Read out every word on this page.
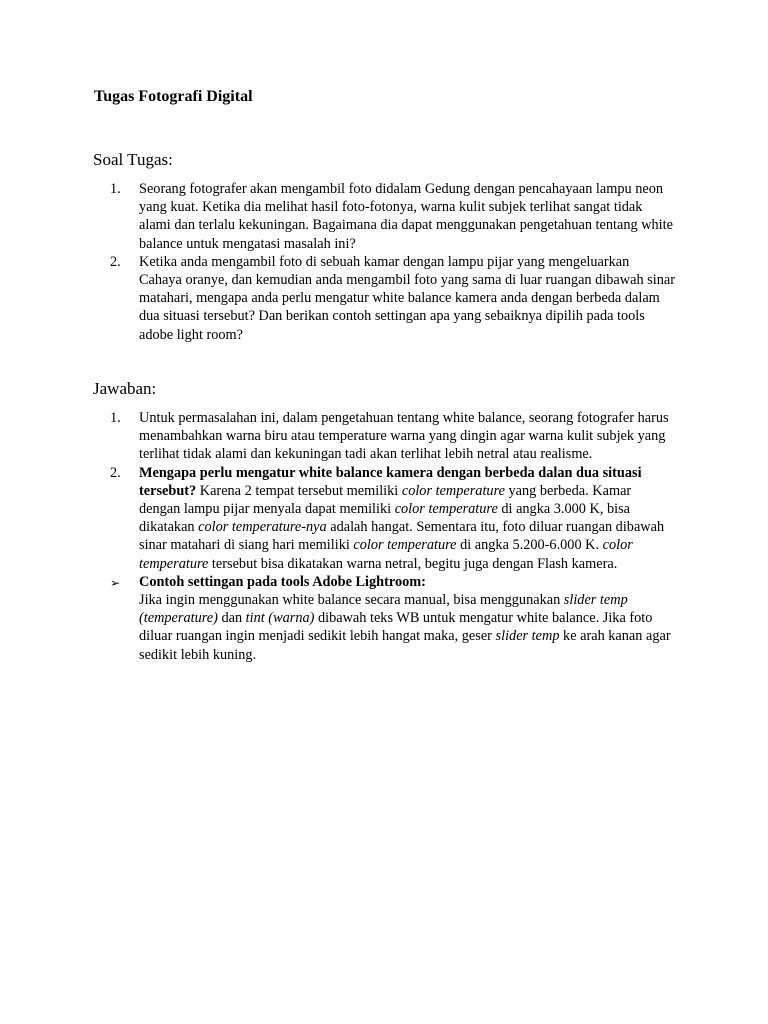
Tugas Fotografi Digital
Soal Tugas:
1.	Seorang fotografer akan mengambil foto didalam Gedung dengan pencahayaan lampu neon yang kuat. Ketika dia melihat hasil foto-fotonya, warna kulit subjek terlihat sangat tidak alami dan terlalu kekuningan. Bagaimana dia dapat menggunakan pengetahuan tentang white balance untuk mengatasi masalah ini?
2.	Ketika anda mengambil foto di sebuah kamar dengan lampu pijar yang mengeluarkan Cahaya oranye, dan kemudian anda mengambil foto yang sama di luar ruangan dibawah sinar matahari, mengapa anda perlu mengatur white balance kamera anda dengan berbeda dalam dua situasi tersebut? Dan berikan contoh settingan apa yang sebaiknya dipilih pada tools adobe light room?
Jawaban:
1.	Untuk permasalahan ini, dalam pengetahuan tentang white balance, seorang fotografer harus menambahkan warna biru atau temperature warna yang dingin agar warna kulit subjek yang terlihat tidak alami dan kekuningan tadi akan terlihat lebih netral atau realisme.
2.	Mengapa perlu mengatur white balance kamera dengan berbeda dalan dua situasi tersebut? Karena 2 tempat tersebut memiliki color temperature yang berbeda. Kamar dengan lampu pijar menyala dapat memiliki color temperature di angka 3.000 K, bisa dikatakan color temperature-nya adalah hangat. Sementara itu, foto diluar ruangan dibawah sinar matahari di siang hari memiliki color temperature di angka 5.200-6.000 K. color temperature tersebut bisa dikatakan warna netral, begitu juga dengan Flash kamera.
➢	Contoh settingan pada tools Adobe Lightroom:
Jika ingin menggunakan white balance secara manual, bisa menggunakan slider temp (temperature) dan tint (warna) dibawah teks WB untuk mengatur white balance. Jika foto diluar ruangan ingin menjadi sedikit lebih hangat maka, geser slider temp ke arah kanan agar sedikit lebih kuning.
